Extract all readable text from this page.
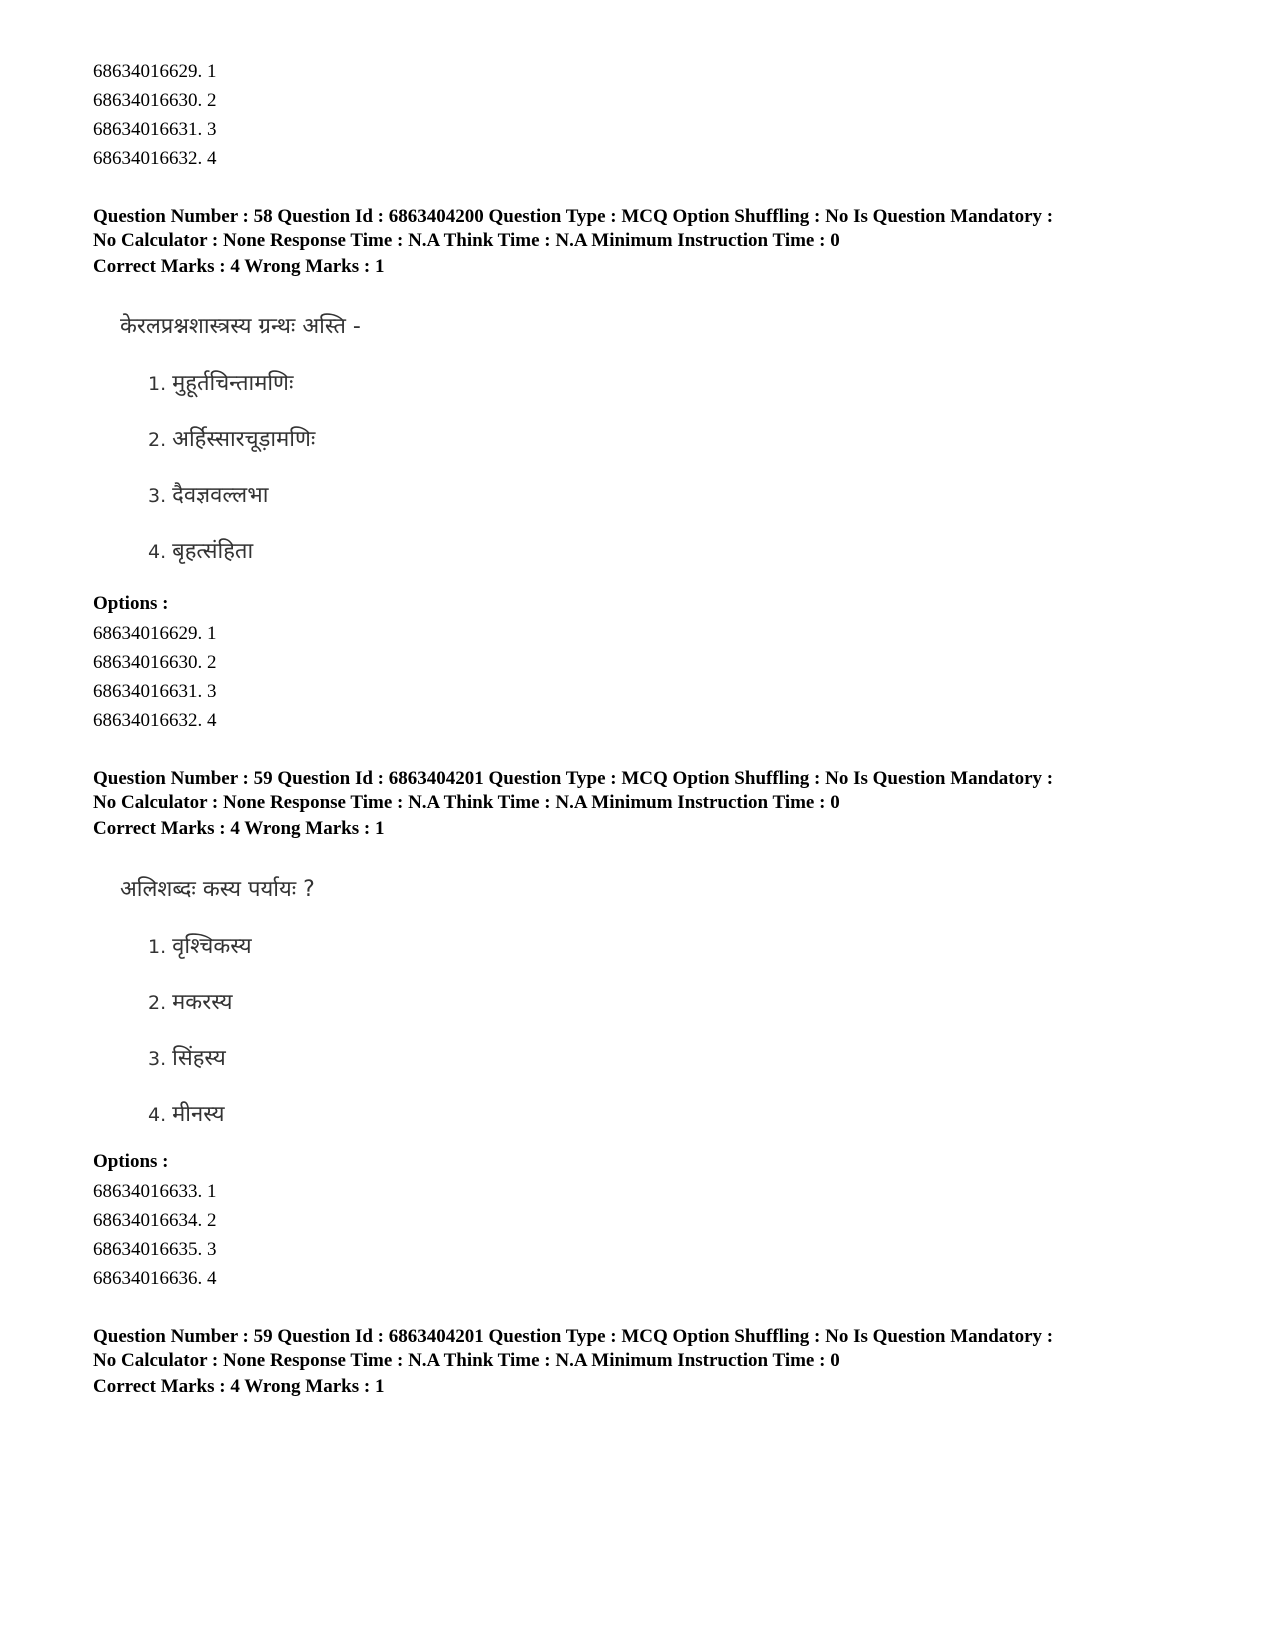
68634016629. 1
68634016630. 2
68634016631. 3
68634016632. 4
Question Number : 58 Question Id : 6863404200 Question Type : MCQ Option Shuffling : No Is Question Mandatory :
No Calculator : None Response Time : N.A Think Time : N.A Minimum Instruction Time : 0
Correct Marks : 4 Wrong Marks : 1
केरलप्रश्नशास्त्रस्य ग्रन्थः अस्ति -
1. मुहूर्तचिन्तामणिः
2. अर्हिस्सारचूड़ामणिः
3. दैवज्ञवल्लभा
4. बृहत्संहिता
Options :
68634016629. 1
68634016630. 2
68634016631. 3
68634016632. 4
Question Number : 59 Question Id : 6863404201 Question Type : MCQ Option Shuffling : No Is Question Mandatory :
No Calculator : None Response Time : N.A Think Time : N.A Minimum Instruction Time : 0
Correct Marks : 4 Wrong Marks : 1
अलिशब्दः कस्य पर्यायः ?
1. वृश्चिकस्य
2. मकरस्य
3. सिंहस्य
4. मीनस्य
Options :
68634016633. 1
68634016634. 2
68634016635. 3
68634016636. 4
Question Number : 59 Question Id : 6863404201 Question Type : MCQ Option Shuffling : No Is Question Mandatory :
No Calculator : None Response Time : N.A Think Time : N.A Minimum Instruction Time : 0
Correct Marks : 4 Wrong Marks : 1
